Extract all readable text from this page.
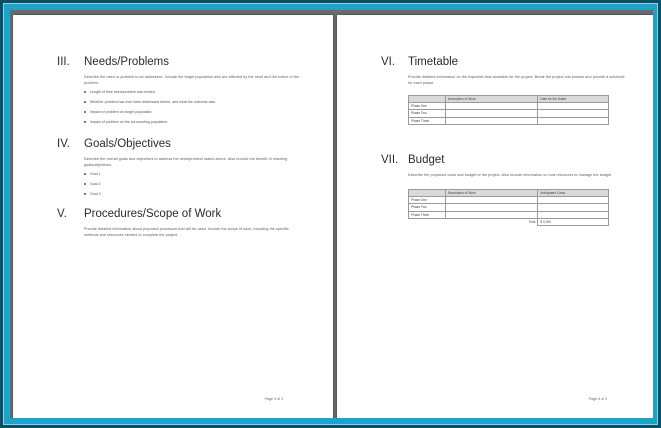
III.	Needs/Problems
Describe the need or problem to be addressed. Include the target population who are affected by the need and the extent of the problem.
Length of time need/problem has existed
Whether problem has ever been addressed before, and what the outcome was
Impact of problem on target population
Impact of problem on the surrounding population
IV.	Goals/Objectives
Describe the overall goals and objectives to address the need/problem stated above. Also include the benefit of reaching goals/objectives.
Goal 1
Goal 2
Goal 3
V.	Procedures/Scope of Work
Provide detailed information about proposed processes that will be used. Include the scope of work, including the specific methods and resources needed to complete the project.
Page 4 of 3
VI.	Timetable
Provide detailed information on the expected time available for the project. Break the project into phases and provide a schedule for each phase.
	Description of Work	Date for the Dates
Phase One		
Phase Two		
Phase Three		
VII. Budget
Describe the proposed costs and budget of the project. Also include information on how resources to manage the budget.
	Description of Work	Anticipated Costs
Phase One		
Phase Two		
Phase Three		
Total		$ 0,000
Page 5 of 3
